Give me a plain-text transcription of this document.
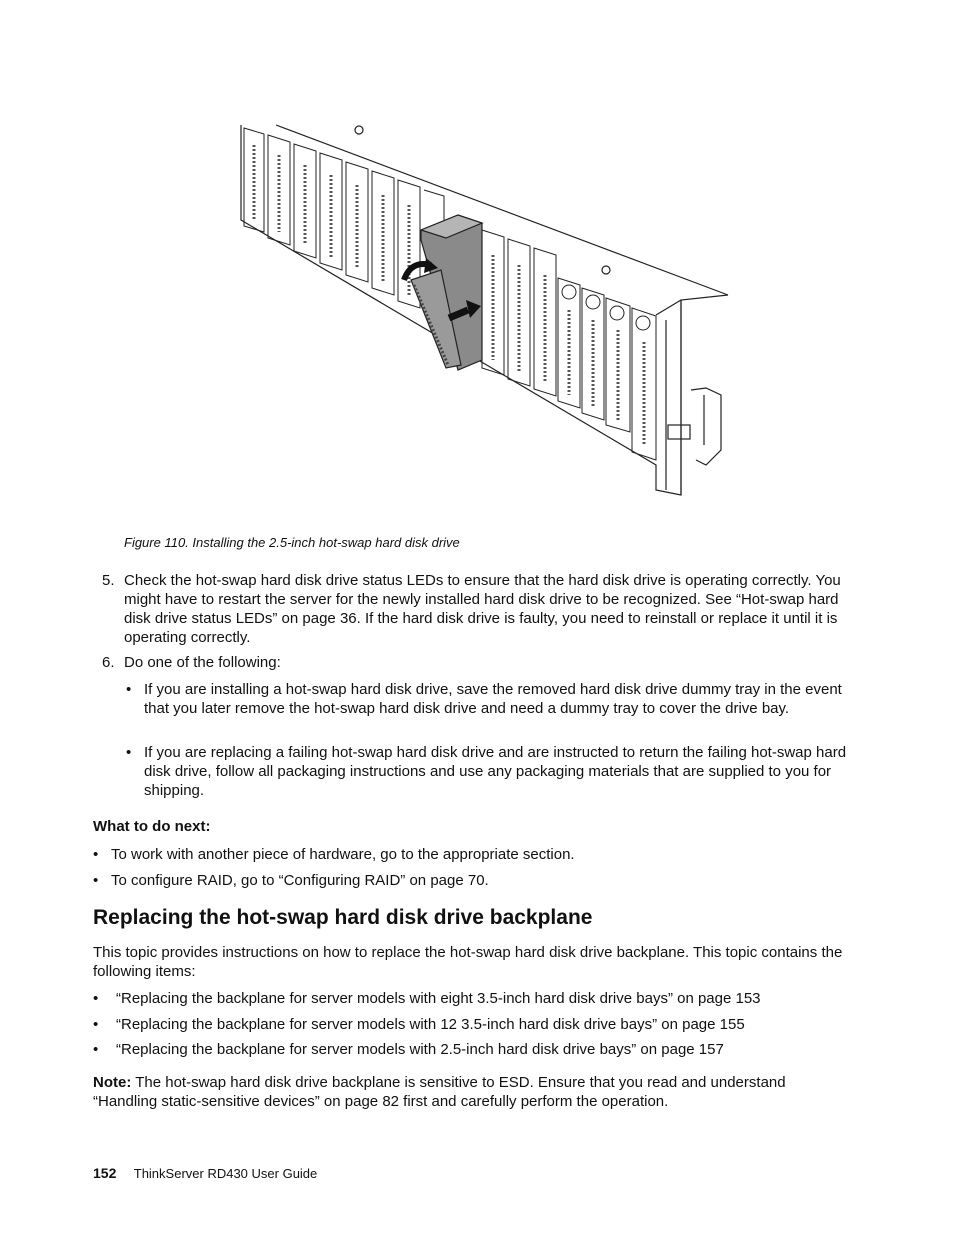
Figure 110. Installing the 2.5-inch hot-swap hard disk drive
5. Check the hot-swap hard disk drive status LEDs to ensure that the hard disk drive is operating correctly. You might have to restart the server for the newly installed hard disk drive to be recognized. See “Hot-swap hard disk drive status LEDs” on page 36. If the hard disk drive is faulty, you need to reinstall or replace it until it is operating correctly.
6. Do one of the following:
• If you are installing a hot-swap hard disk drive, save the removed hard disk drive dummy tray in the event that you later remove the hot-swap hard disk drive and need a dummy tray to cover the drive bay.
• If you are replacing a failing hot-swap hard disk drive and are instructed to return the failing hot-swap hard disk drive, follow all packaging instructions and use any packaging materials that are supplied to you for shipping.
What to do next:
• To work with another piece of hardware, go to the appropriate section.
• To configure RAID, go to “Configuring RAID” on page 70.
Replacing the hot-swap hard disk drive backplane
This topic provides instructions on how to replace the hot-swap hard disk drive backplane. This topic contains the following items:
• “Replacing the backplane for server models with eight 3.5-inch hard disk drive bays” on page 153
• “Replacing the backplane for server models with 12 3.5-inch hard disk drive bays” on page 155
• “Replacing the backplane for server models with 2.5-inch hard disk drive bays” on page 157
Note: The hot-swap hard disk drive backplane is sensitive to ESD. Ensure that you read and understand “Handling static-sensitive devices” on page 82 first and carefully perform the operation.
152 ThinkServer RD430 User Guide
